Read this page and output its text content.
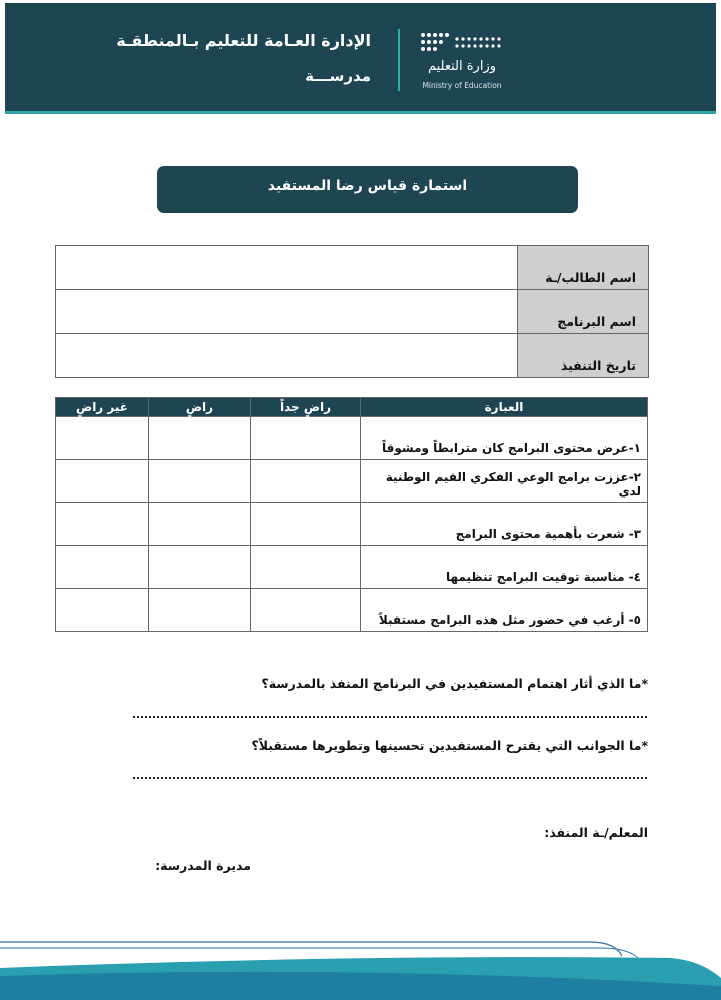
الإدارة العـامة للتعليم بـالمنطقـة
مدرســـة
وزارة التعليم
Ministry of Education
استمارة قياس رضا المستفيد
	اسم الطالب/ـة
	اسم البرنامج
	تاريخ التنفيذ
غير راضٍ	راضٍ	راضٍ جداً	العبارة
			١-عرض محتوى البرامج كان مترابطاً ومشوقاً
			٢-عززت برامج الوعي الفكري القيم الوطنية لدي
			٣- شعرت بأهمية محتوى البرامج
			٤- مناسبة توقيت البرامج تنظيمها
			٥- أرغب في حضور مثل هذه البرامج مستقبلاً
*ما الذي أثار اهتمام المستفيدين في البرنامج المنفذ بالمدرسة؟
*ما الجوانب التي يقترح المستفيدين تحسينها وتطويرها مستقبلاً؟
المعلم/ـة المنفذ:
مديرة المدرسة:
